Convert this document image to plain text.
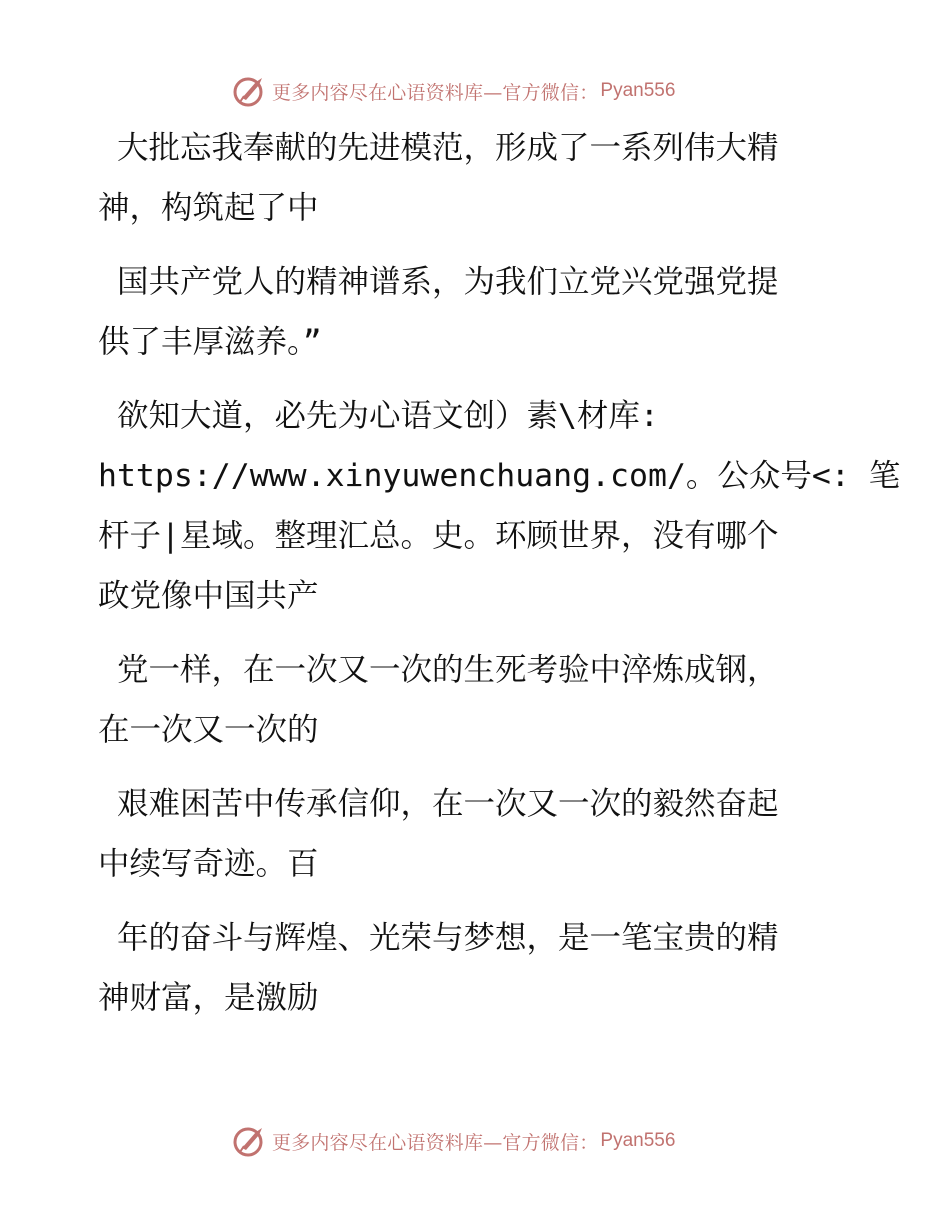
更多内容尽在心语资料库—官方微信： Pyan556
大批忘我奉献的先进模范，形成了一系列伟大精
神，构筑起了中
国共产党人的精神谱系，为我们立党兴党强党提
供了丰厚滋养。”
欲知大道，必先为心语文创）素\材库:
https://www.xinyuwenchuang.com/。公众号<: 笔
杆子|星域。整理汇总。史。环顾世界，没有哪个
政党像中国共产
党一样，在一次又一次的生死考验中淬炼成钢，
在一次又一次的
艰难困苦中传承信仰，在一次又一次的毅然奋起
中续写奇迹。百
年的奋斗与辉煌、光荣与梦想，是一笔宝贵的精
神财富，是激励
更多内容尽在心语资料库—官方微信： Pyan556
